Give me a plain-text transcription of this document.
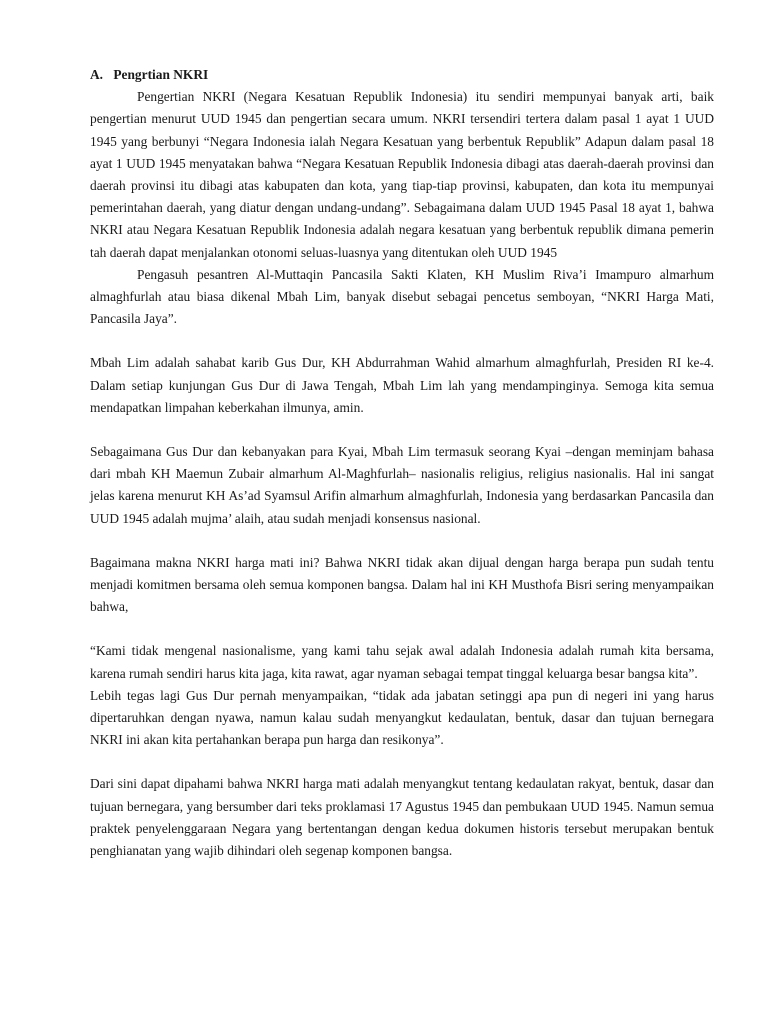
A. Pengrtian NKRI

Pengertian NKRI (Negara Kesatuan Republik Indonesia) itu sendiri mempunyai banyak arti, baik pengertian menurut UUD 1945 dan pengertian secara umum. NKRI tersendiri tertera dalam pasal 1 ayat 1 UUD 1945 yang berbunyi “Negara Indonesia ialah Negara Kesatuan yang berbentuk Republik” Adapun dalam pasal 18 ayat 1 UUD 1945 menyatakan bahwa “Negara Kesatuan Republik Indonesia dibagi atas daerah-daerah provinsi dan daerah provinsi itu dibagi atas kabupaten dan kota, yang tiap-tiap provinsi, kabupaten, dan kota itu mempunyai pemerintahan daerah, yang diatur dengan undang-undang”. Sebagaimana dalam UUD 1945 Pasal 18 ayat 1, bahwa NKRI atau Negara Kesatuan Republik Indonesia adalah negara kesatuan yang berbentuk republik dimana pemerin tah daerah dapat menjalankan otonomi seluas-luasnya yang ditentukan oleh UUD 1945

Pengasuh pesantren Al-Muttaqin Pancasila Sakti Klaten, KH Muslim Riva’i Imampuro almarhum almaghfurlah atau biasa dikenal Mbah Lim, banyak disebut sebagai pencetus semboyan, “NKRI Harga Mati, Pancasila Jaya”.

Mbah Lim adalah sahabat karib Gus Dur, KH Abdurrahman Wahid almarhum almaghfurlah, Presiden RI ke-4. Dalam setiap kunjungan Gus Dur di Jawa Tengah, Mbah Lim lah yang mendampinginya. Semoga kita semua mendapatkan limpahan keberkahan ilmunya, amin.

Sebagaimana Gus Dur dan kebanyakan para Kyai, Mbah Lim termasuk seorang Kyai –dengan meminjam bahasa dari mbah KH Maemun Zubair almarhum Al-Maghfurlah– nasionalis religius, religius nasionalis. Hal ini sangat jelas karena menurut KH As’ad Syamsul Arifin almarhum almaghfurlah, Indonesia yang berdasarkan Pancasila dan UUD 1945 adalah mujma’ alaih, atau sudah menjadi konsensus nasional.

Bagaimana makna NKRI harga mati ini? Bahwa NKRI tidak akan dijual dengan harga berapa pun sudah tentu menjadi komitmen bersama oleh semua komponen bangsa. Dalam hal ini KH Musthofa Bisri sering menyampaikan bahwa,

“Kami tidak mengenal nasionalisme, yang kami tahu sejak awal adalah Indonesia adalah rumah kita bersama, karena rumah sendiri harus kita jaga, kita rawat, agar nyaman sebagai tempat tinggal keluarga besar bangsa kita”.

Lebih tegas lagi Gus Dur pernah menyampaikan, “tidak ada jabatan setinggi apa pun di negeri ini yang harus dipertaruhkan dengan nyawa, namun kalau sudah menyangkut kedaulatan, bentuk, dasar dan tujuan bernegara NKRI ini akan kita pertahankan berapa pun harga dan resikonya”.

Dari sini dapat dipahami bahwa NKRI harga mati adalah menyangkut tentang kedaulatan rakyat, bentuk, dasar dan tujuan bernegara, yang bersumber dari teks proklamasi 17 Agustus 1945 dan pembukaan UUD 1945. Namun semua praktek penyelenggaraan Negara yang bertentangan dengan kedua dokumen historis tersebut merupakan bentuk penghianatan yang wajib dihindari oleh segenap komponen bangsa.
